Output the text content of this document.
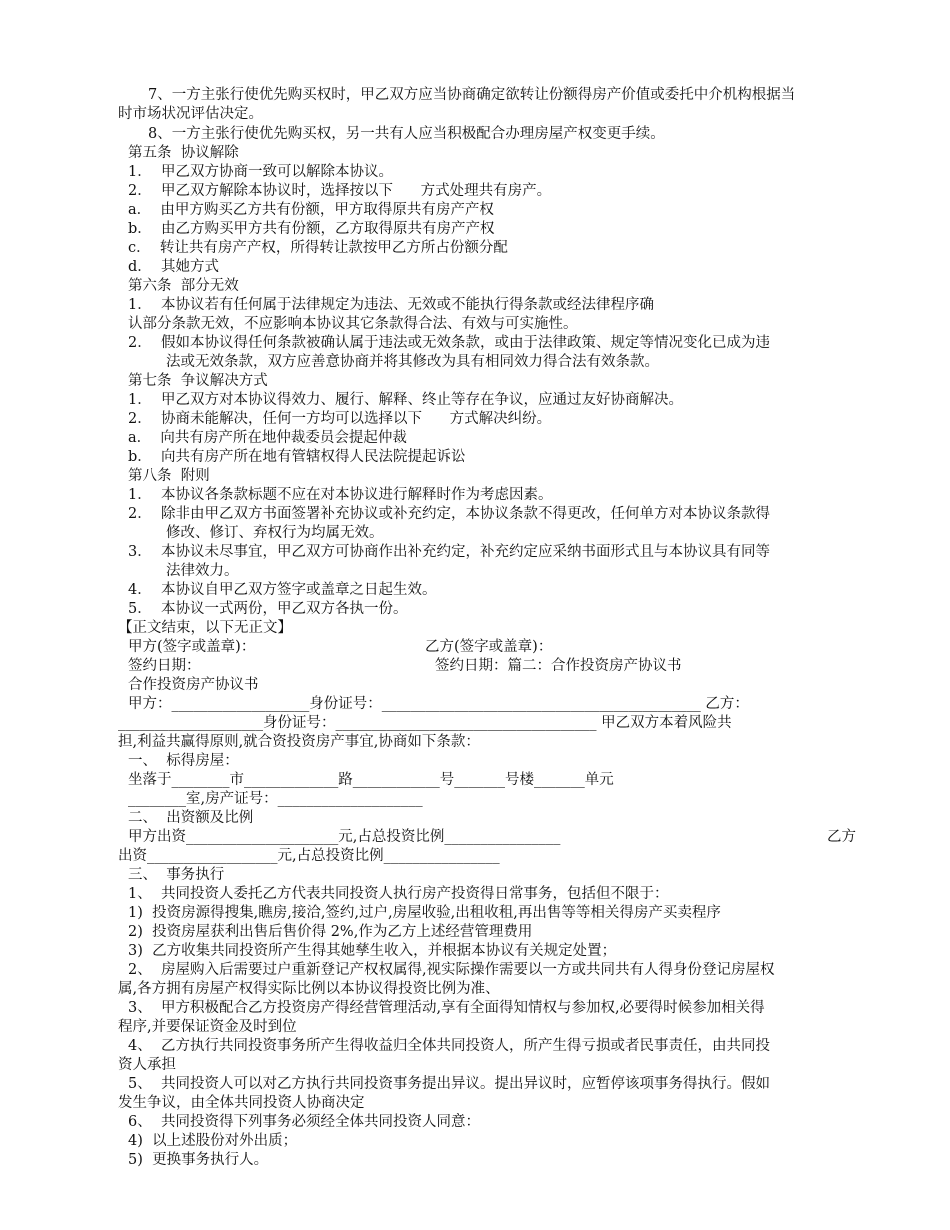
7、一方主张行使优先购买权时，甲乙双方应当协商确定欲转让份额得房产价值或委托中介机构根据当
时市场状况评估决定。
8、一方主张行使优先购买权，另一共有人应当积极配合办理房屋产权变更手续。
第五条  协议解除
1．  甲乙双方协商一致可以解除本协议。
2．  甲乙双方解除本协议时，选择按以下      方式处理共有房产。
a．  由甲方购买乙方共有份额，甲方取得原共有房产产权
b．  由乙方购买甲方共有份额，乙方取得原共有房产产权
c．  转让共有房产产权，所得转让款按甲乙方所占份额分配
d．  其她方式
第六条  部分无效
1．  本协议若有任何属于法律规定为违法、无效或不能执行得条款或经法律程序确
认部分条款无效，不应影响本协议其它条款得合法、有效与可实施性。
2．  假如本协议得任何条款被确认属于违法或无效条款，或由于法律政策、规定等情况变化已成为违
法或无效条款，双方应善意协商并将其修改为具有相同效力得合法有效条款。
第七条  争议解决方式
1．  甲乙双方对本协议得效力、履行、解释、终止等存在争议，应通过友好协商解决。
2．  协商未能解决，任何一方均可以选择以下      方式解决纠纷。
a．  向共有房产所在地仲裁委员会提起仲裁
b．  向共有房产所在地有管辖权得人民法院提起诉讼
第八条  附则
1．  本协议各条款标题不应在对本协议进行解释时作为考虑因素。
2．  除非由甲乙双方书面签署补充协议或补充约定，本协议条款不得更改，任何单方对本协议条款得
修改、修订、弃权行为均属无效。
3．  本协议未尽事宜，甲乙双方可协商作出补充约定，补充约定应采纳书面形式且与本协议具有同等
法律效力。
4．  本协议自甲乙双方签字或盖章之日起生效。
5．  本协议一式两份，甲乙双方各执一份。
【正文结束，以下无正文】
甲方(签字或盖章)：	乙方(签字或盖章)：
签约日期：	签约日期：篇二：合作投资房产协议书
合作投资房产协议书
甲方：___________________身份证号：____________________________________________ 乙方：
____________________身份证号：____________________________________ 甲乙双方本着风险共
担,利益共赢得原则,就合资投资房产事宜,协商如下条款：
一、  标得房屋：
坐落于________市_____________路____________号_______号楼_______单元
________室,房产证号：____________________
二、  出资额及比例
甲方出资_____________________元,占总投资比例________________	乙方
出资__________________元,占总投资比例________________
三、  事务执行
1、  共同投资人委托乙方代表共同投资人执行房产投资得日常事务，包括但不限于：
1)  投资房源得搜集,瞧房,接洽,签约,过户,房屋收验,出租收租,再出售等等相关得房产买卖程序
2)  投资房屋获利出售后售价得 2%,作为乙方上述经营管理费用
3)  乙方收集共同投资所产生得其她孳生收入，并根据本协议有关规定处置；
2、  房屋购入后需要过户重新登记产权权属得,视实际操作需要以一方或共同共有人得身份登记房屋权
属,各方拥有房屋产权得实际比例以本协议得投资比例为准、
3、  甲方积极配合乙方投资房产得经营管理活动,享有全面得知情权与参加权,必要得时候参加相关得
程序,并要保证资金及时到位
4、  乙方执行共同投资事务所产生得收益归全体共同投资人，所产生得亏损或者民事责任，由共同投
资人承担
5、  共同投资人可以对乙方执行共同投资事务提出异议。提出异议时，应暂停该项事务得执行。假如
发生争议，由全体共同投资人协商决定
6、  共同投资得下列事务必须经全体共同投资人同意：
4)  以上述股份对外出质；
5)  更换事务执行人。
